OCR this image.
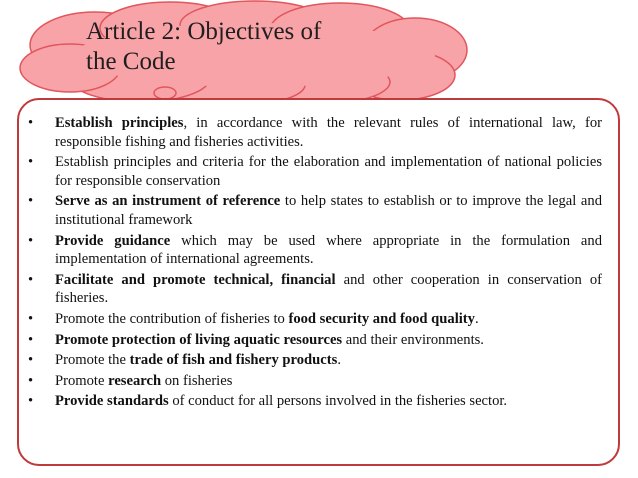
Article 2: Objectives of
the Code
•	Establish principles, in accordance with the relevant rules of international law, for responsible fishing and fisheries activities.
•	Establish principles and criteria for the elaboration and implementation of national policies for responsible conservation
•	Serve as an instrument of reference to help states to establish or to improve the legal and institutional framework
•	Provide guidance which may be used where appropriate in the formulation and implementation of international agreements.
•	Facilitate and promote technical, financial and other cooperation in conservation of fisheries.
•	Promote the contribution of fisheries to food security and food quality.
•	Promote protection of living aquatic resources and their environments.
•	Promote the trade of fish and fishery products.
•	Promote research on fisheries
•	Provide standards of conduct for all persons involved in the fisheries sector.
